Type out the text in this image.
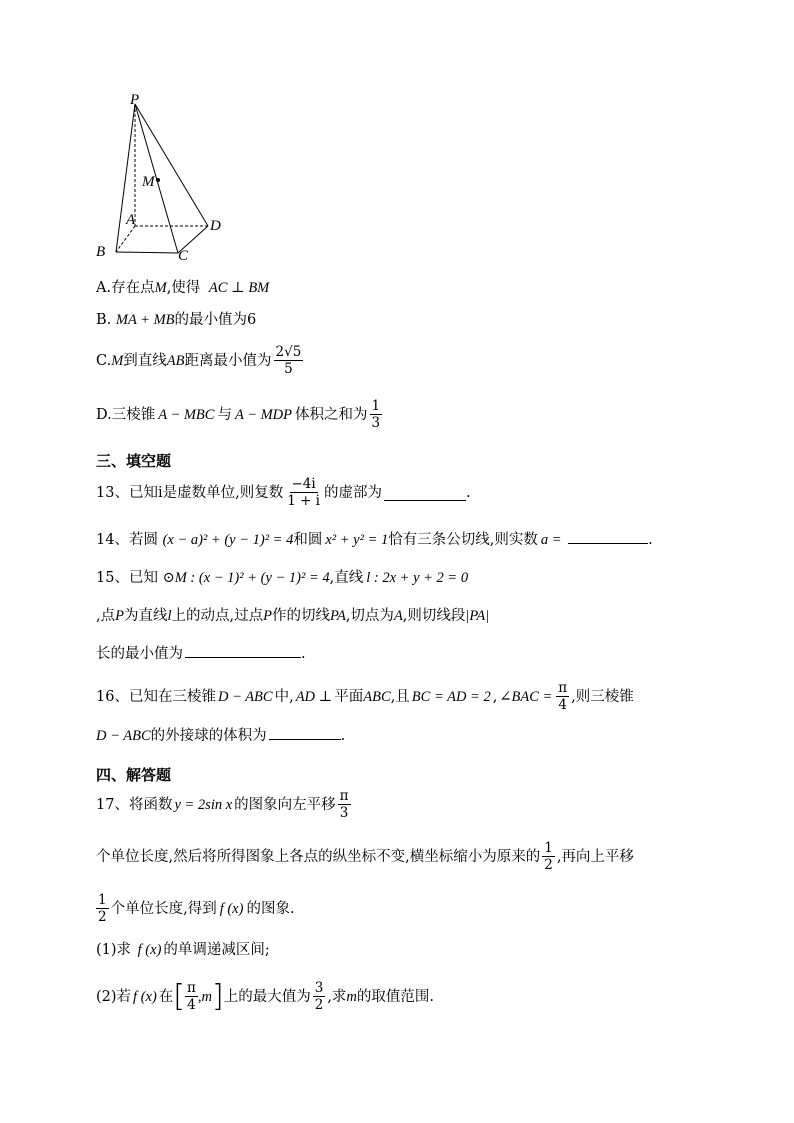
P
M
A	D
B	C
A.存在点M,使得 AC ⊥ BM
B. MA + MB的最小值为6
C. M 到直线 AB 距离最小值为 $\frac{2√5}{5}$
D.三棱锥 A − MBC 与 A − MDP 体积之和为 $\frac{1}{3}$
三、填空题
13、已知i是虚数单位,则复数 $\frac{-4i}{1 + i}$ 的虚部为	.
14、若圆 (x − a)² + (y − 1)² = 4和圆 x² + y² = 1恰有三条公切线,则实数 a =	.
15、已知 ⊙M : (x − 1)² + (y − 1)² = 4,直线 l : 2x + y + 2 = 0
,点P为直线l上的动点,过点P作的切线PA,切点为A,则切线段|PA|
长的最小值为	.
16、已知在三棱锥 D − ABC 中, AD ⊥ 平面 ABC ,且 BC = AD = 2 , ∠BAC = $\frac{\pi}{4}$ ,则三棱锥
D − ABC的外接球的体积为	.
四、解答题
17、将函数 y = 2sin x 的图象向左平移 $\frac{\pi}{3}$
个单位长度,然后将所得图象上各点的纵坐标不变,横坐标缩小为原来的 $\frac{1}{2}$ ,再向上平移
$\frac{1}{2}$ 个单位长度,得到 f (x) 的图象.
(1)求 f (x) 的单调递减区间;
(2)若 f (x) 在 [ $\frac{\pi}{4} ,m$ ] 上的最大值为 $\frac{3}{2}$ ,求 m 的取值范围.
